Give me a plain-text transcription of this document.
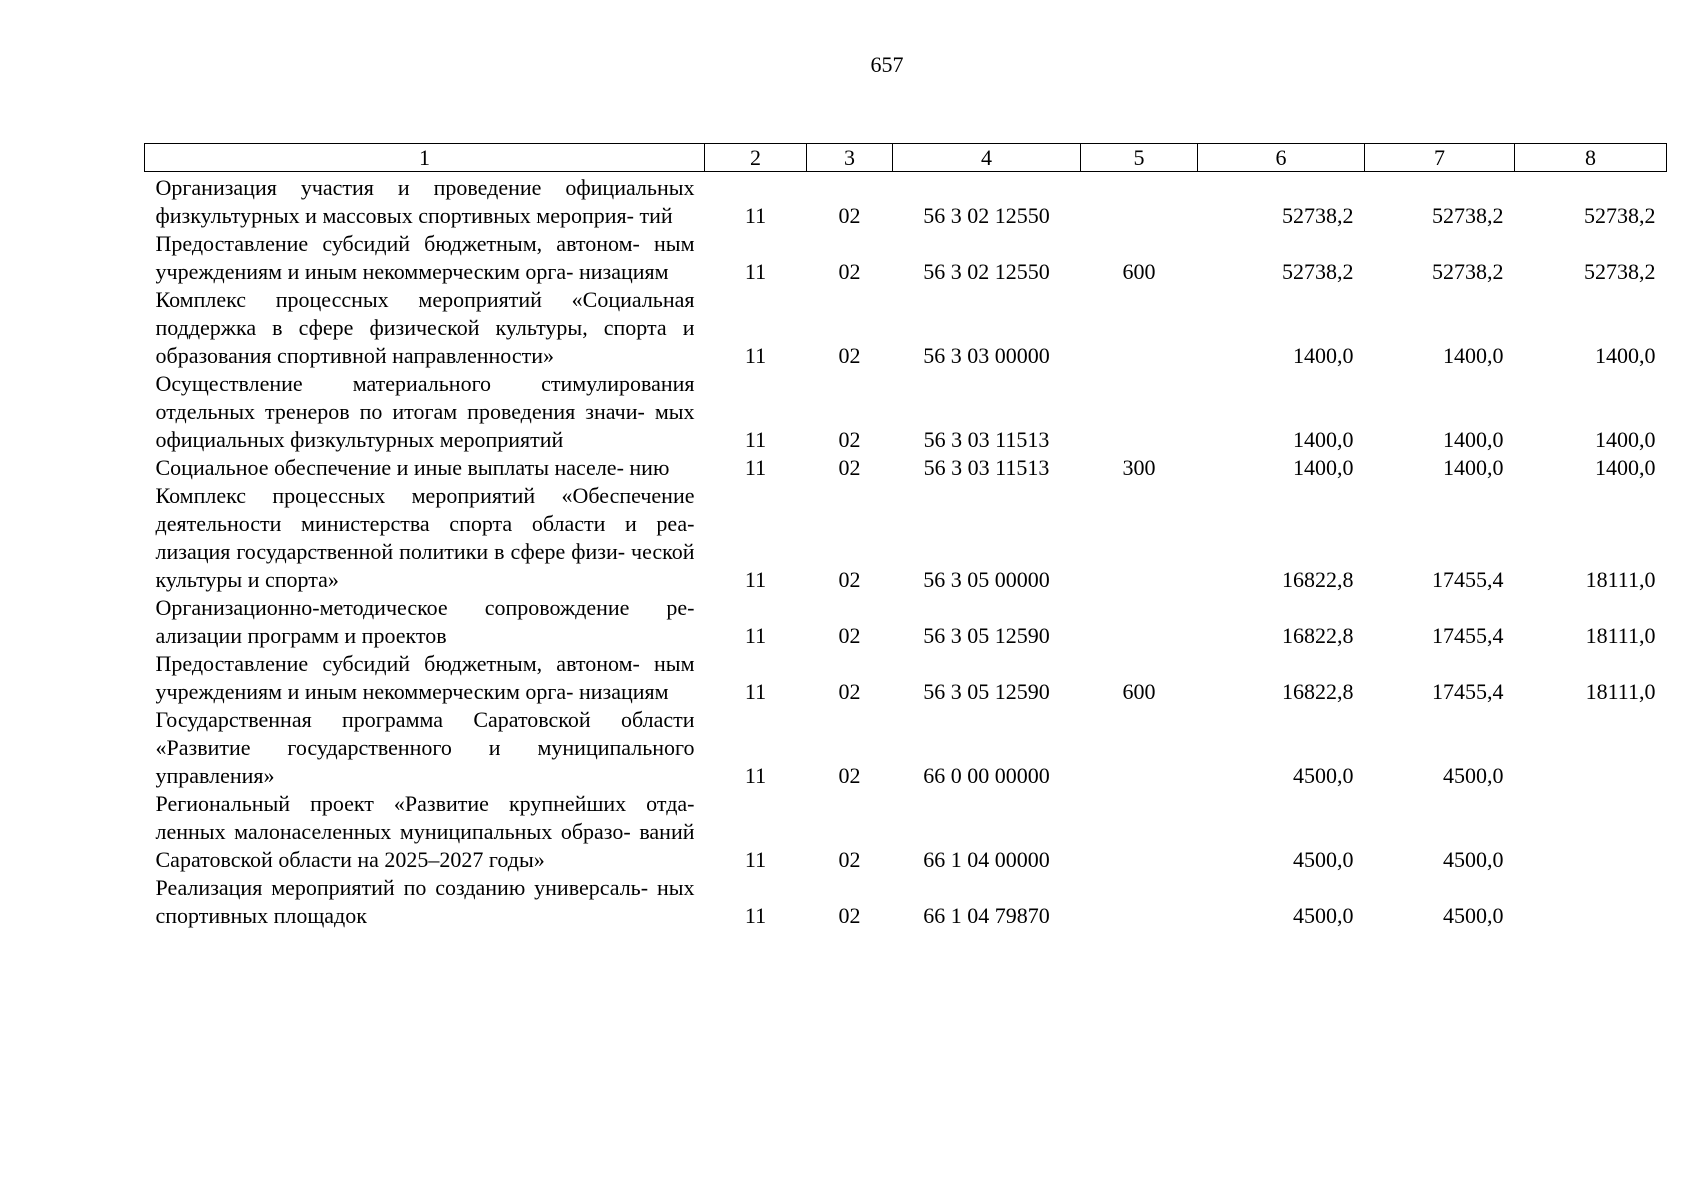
657
1	2	3	4	5	6	7	8
Организация участия и проведение официальных физкультурных и массовых спортивных мероприя- тий	11	02	56 3 02 12550		52738,2	52738,2	52738,2
Предоставление субсидий бюджетным, автоном- ным учреждениям и иным некоммерческим орга- низациям	11	02	56 3 02 12550	600	52738,2	52738,2	52738,2
Комплекс процессных мероприятий «Социальная поддержка в сфере физической культуры, спорта и образования спортивной направленности»	11	02	56 3 03 00000		1400,0	1400,0	1400,0
Осуществление материального стимулирования отдельных тренеров по итогам проведения значи- мых официальных физкультурных мероприятий	11	02	56 3 03 11513		1400,0	1400,0	1400,0
Социальное обеспечение и иные выплаты населе- нию	11	02	56 3 03 11513	300	1400,0	1400,0	1400,0
Комплекс процессных мероприятий «Обеспечение деятельности министерства спорта области и реа- лизация государственной политики в сфере физи- ческой культуры и спорта»	11	02	56 3 05 00000		16822,8	17455,4	18111,0
Организационно-методическое сопровождение ре- ализации программ и проектов	11	02	56 3 05 12590		16822,8	17455,4	18111,0
Предоставление субсидий бюджетным, автоном- ным учреждениям и иным некоммерческим орга- низациям	11	02	56 3 05 12590	600	16822,8	17455,4	18111,0
Государственная программа Саратовской области «Развитие государственного и муниципального управления»	11	02	66 0 00 00000		4500,0	4500,0	
Региональный проект «Развитие крупнейших отда- ленных малонаселенных муниципальных образо- ваний Саратовской области на 2025–2027 годы»	11	02	66 1 04 00000		4500,0	4500,0	
Реализация мероприятий по созданию универсаль- ных спортивных площадок	11	02	66 1 04 79870		4500,0	4500,0	
